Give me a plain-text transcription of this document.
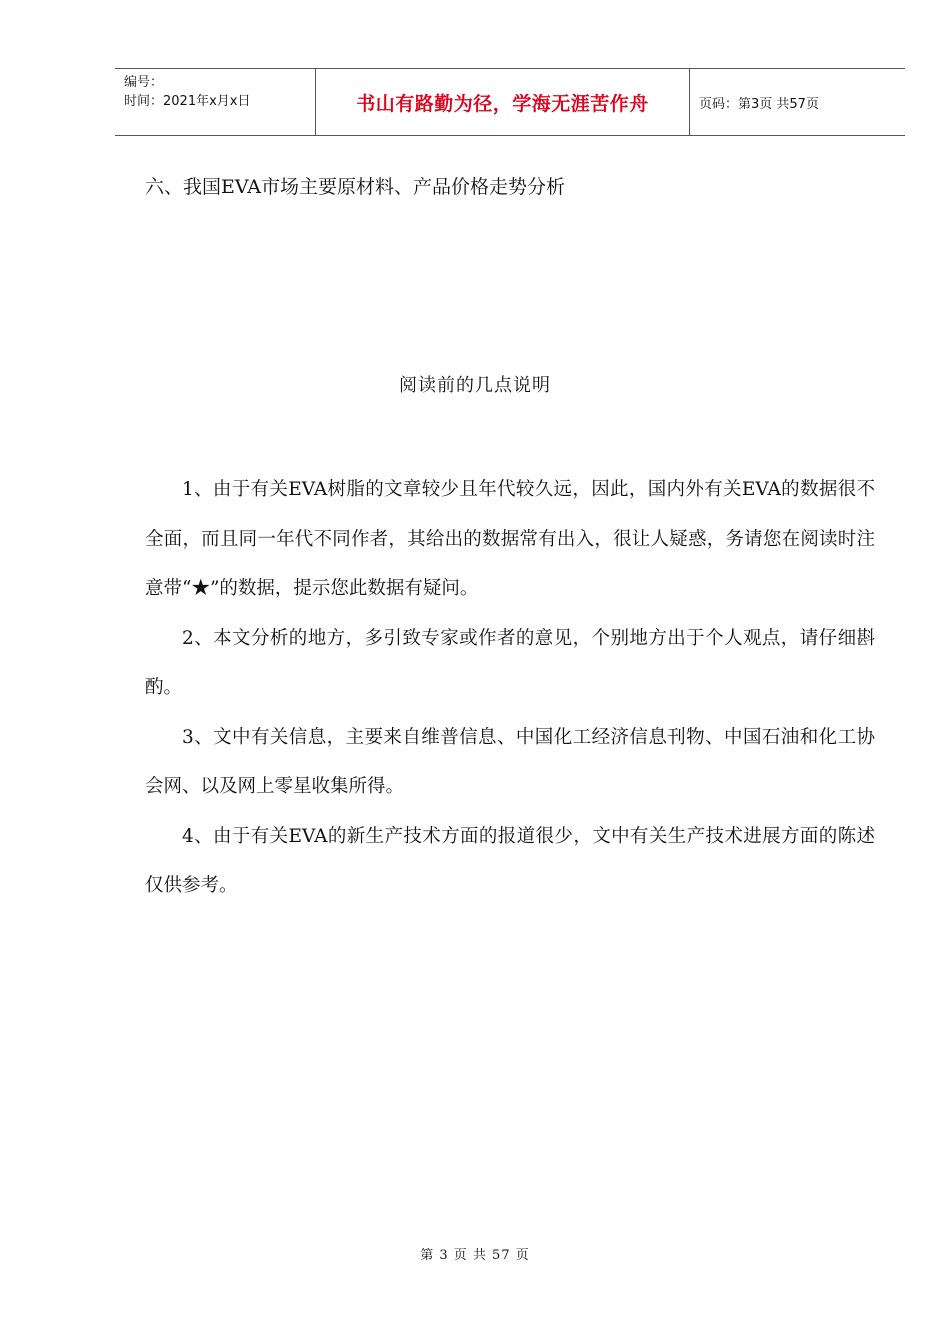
编号：
时间：2021年x月x日	书山有路勤为径，学海无涯苦作舟	页码：第3页 共57页
六、我国EVA市场主要原材料、产品价格走势分析
阅读前的几点说明

1、由于有关EVA树脂的文章较少且年代较久远，因此，国内外有关EVA的数据很不全面，而且同一年代不同作者，其给出的数据常有出入，很让人疑惑，务请您在阅读时注意带“★”的数据，提示您此数据有疑问。

2、本文分析的地方，多引致专家或作者的意见，个别地方出于个人观点，请仔细斟酌。

3、文中有关信息，主要来自维普信息、中国化工经济信息刊物、中国石油和化工协会网、以及网上零星收集所得。

4、由于有关EVA的新生产技术方面的报道很少，文中有关生产技术进展方面的陈述仅供参考。

第 3 页 共 57 页
